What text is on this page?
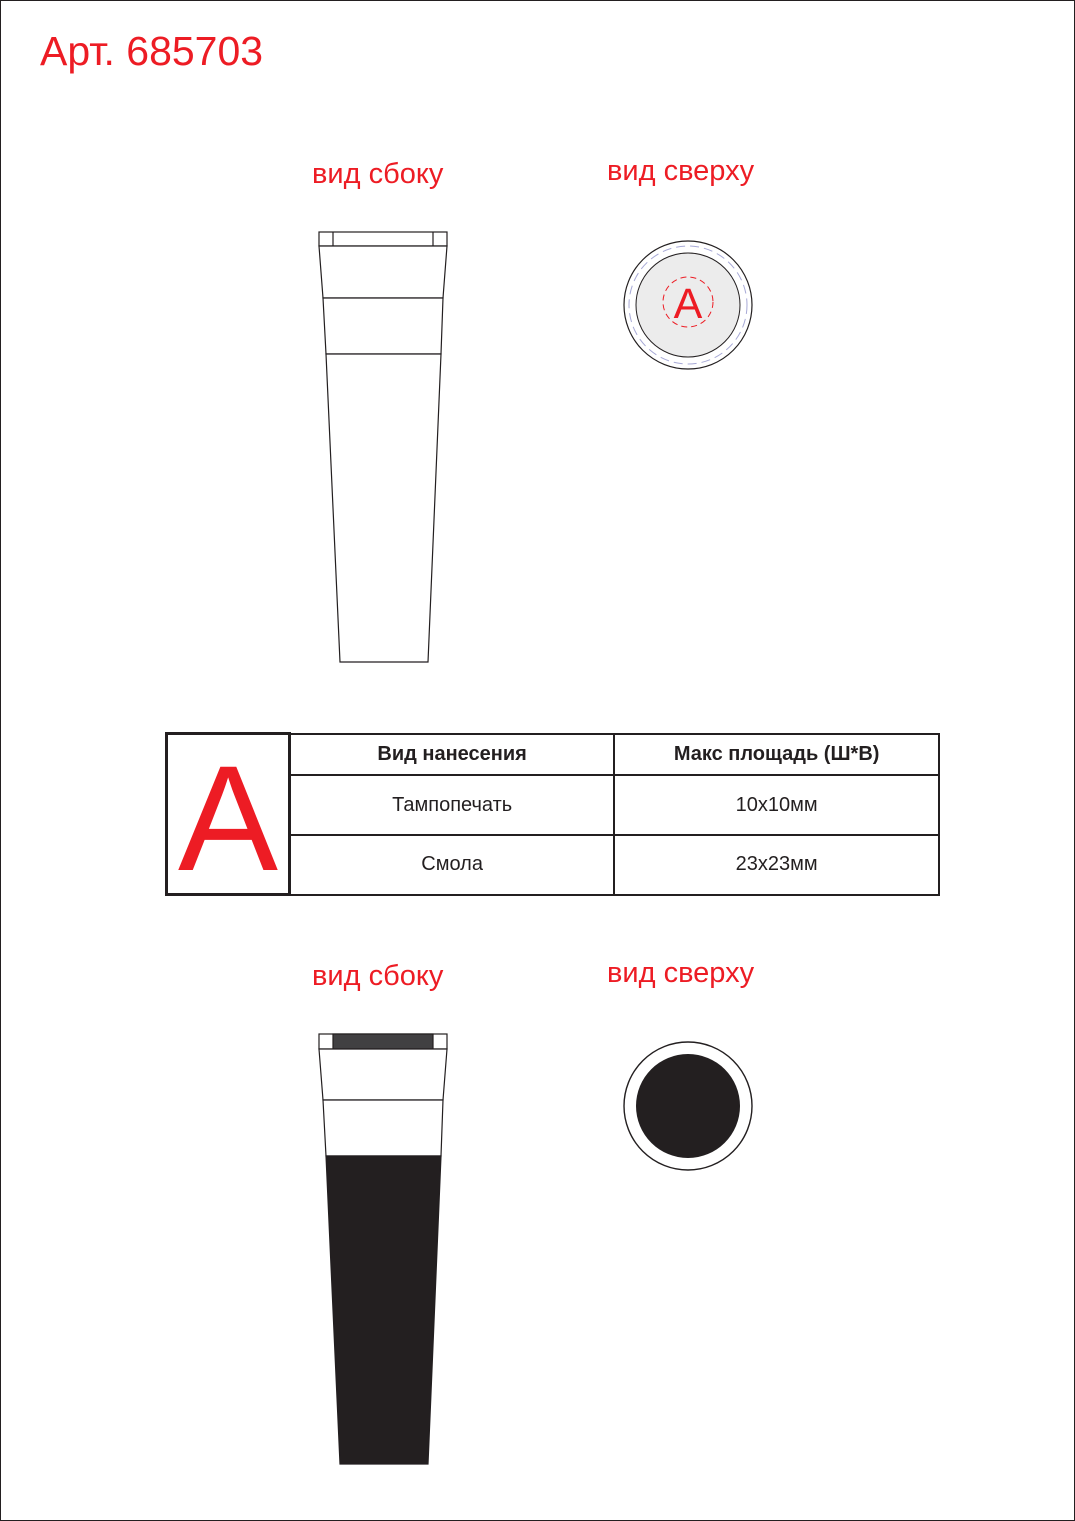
Арт. 685703
вид сбоку	вид сверху
вид сбоку	вид сверху
A
A	Вид нанесения	Макс площадь (Ш*В)
	Тампопечать	10х10мм
	Смола	23х23мм
